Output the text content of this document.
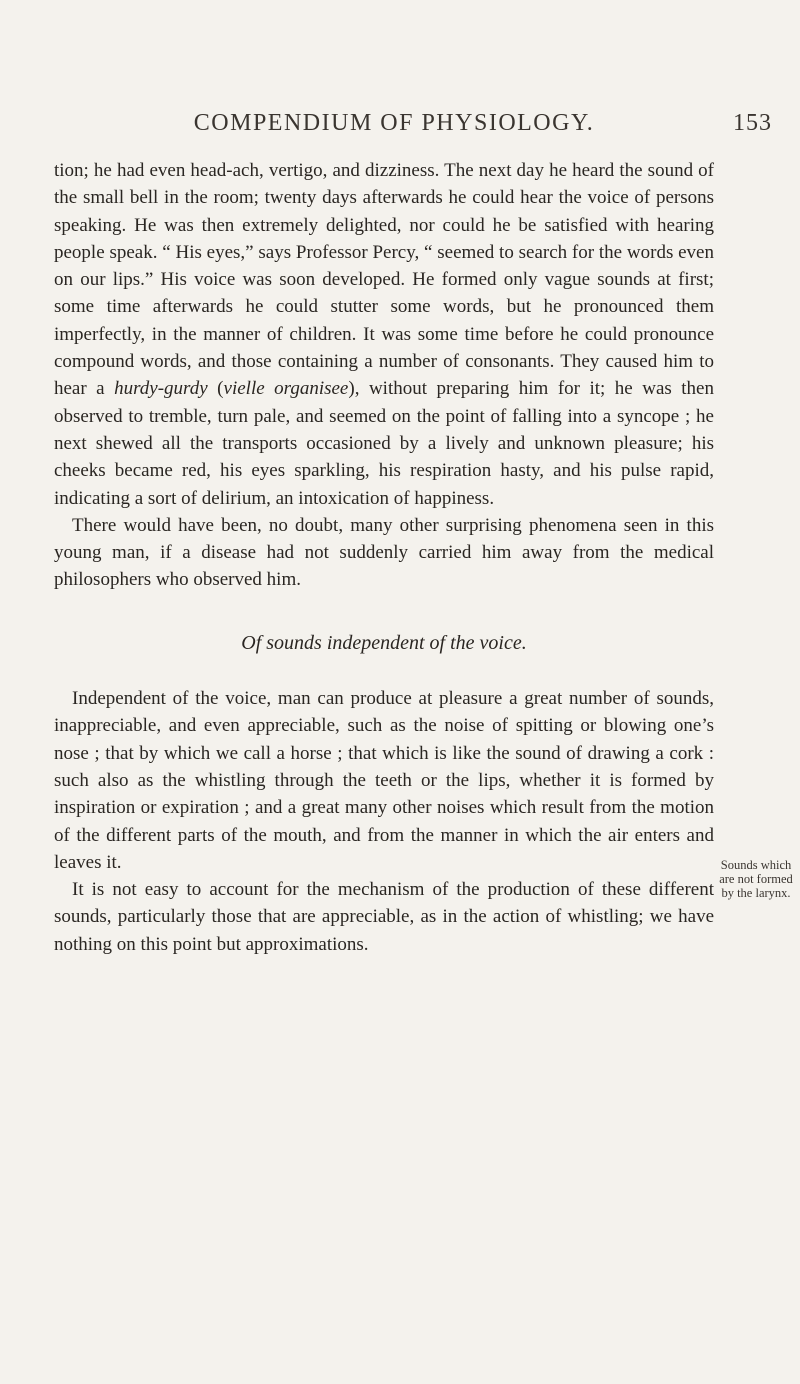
COMPENDIUM OF PHYSIOLOGY.	153

tion; he had even head-ach, vertigo, and dizziness. The next day he heard the sound of the small bell in the room; twenty days afterwards he could hear the voice of persons speaking. He was then extremely delighted, nor could he be satisfied with hearing people speak. “ His eyes,” says Professor Percy, “ seemed to search for the words even on our lips.” His voice was soon developed. He formed only vague sounds at first; some time afterwards he could stutter some words, but he pronounced them imperfectly, in the manner of children. It was some time before he could pronounce compound words, and those containing a number of consonants. They caused him to hear a hurdy-gurdy (vielle organisee), without preparing him for it; he was then observed to tremble, turn pale, and seemed on the point of falling into a syncope ; he next shewed all the transports occasioned by a lively and unknown pleasure; his cheeks became red, his eyes sparkling, his respiration hasty, and his pulse rapid, indicating a sort of delirium, an intoxication of happiness.

There would have been, no doubt, many other surprising phenomena seen in this young man, if a disease had not suddenly carried him away from the medical philosophers who observed him.

Of sounds independent of the voice.

Independent of the voice, man can produce at pleasure a great number of sounds, inappreciable, and even appreciable, such as the noise of spitting or blowing one’s nose ; that by which we call a horse ; that which is like the sound of drawing a cork : such also as the whistling through the teeth or the lips, whether it is formed by inspiration or expiration ; and a great many other noises which result from the motion of the different parts of the mouth, and from the manner in which the air enters and leaves it.

It is not easy to account for the mechanism of the production of these different sounds, particularly those that are appreciable, as in the action of whistling; we have nothing on this point but approximations.

Sounds which are not formed by the larynx.
